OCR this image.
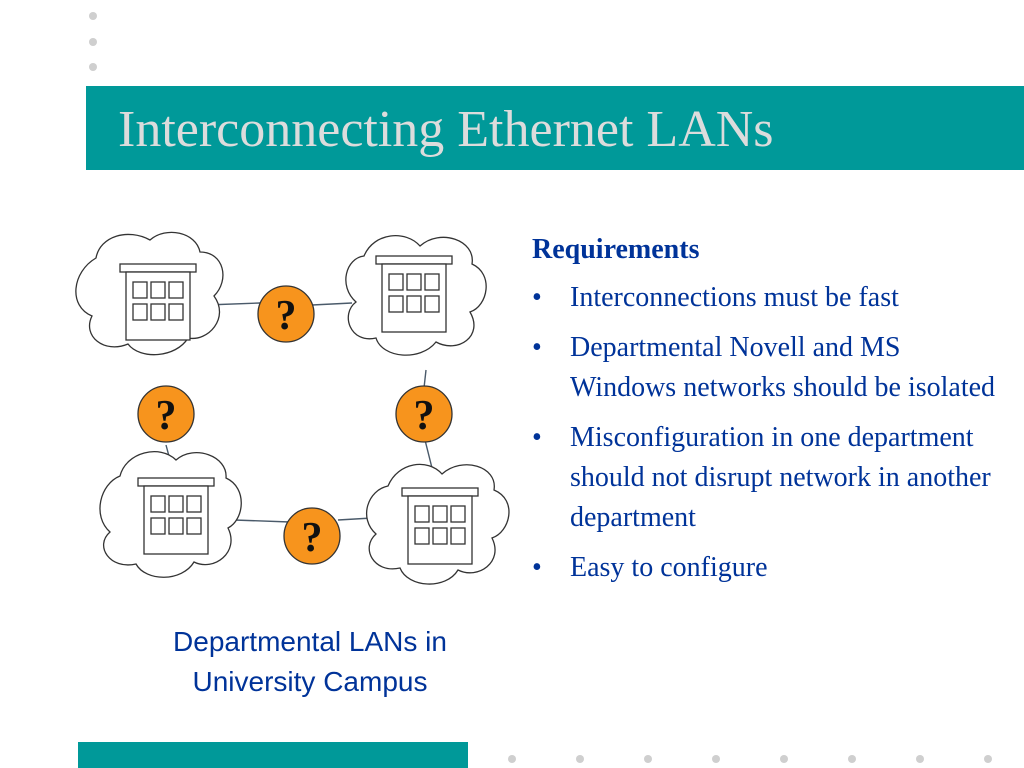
Interconnecting Ethernet LANs
?
?	?
?
Departmental LANs in
University Campus
Requirements
• Interconnections must be fast
• Departmental Novell and MS Windows networks should be isolated
• Misconfiguration in one department should not disrupt network in another department
• Easy to configure
